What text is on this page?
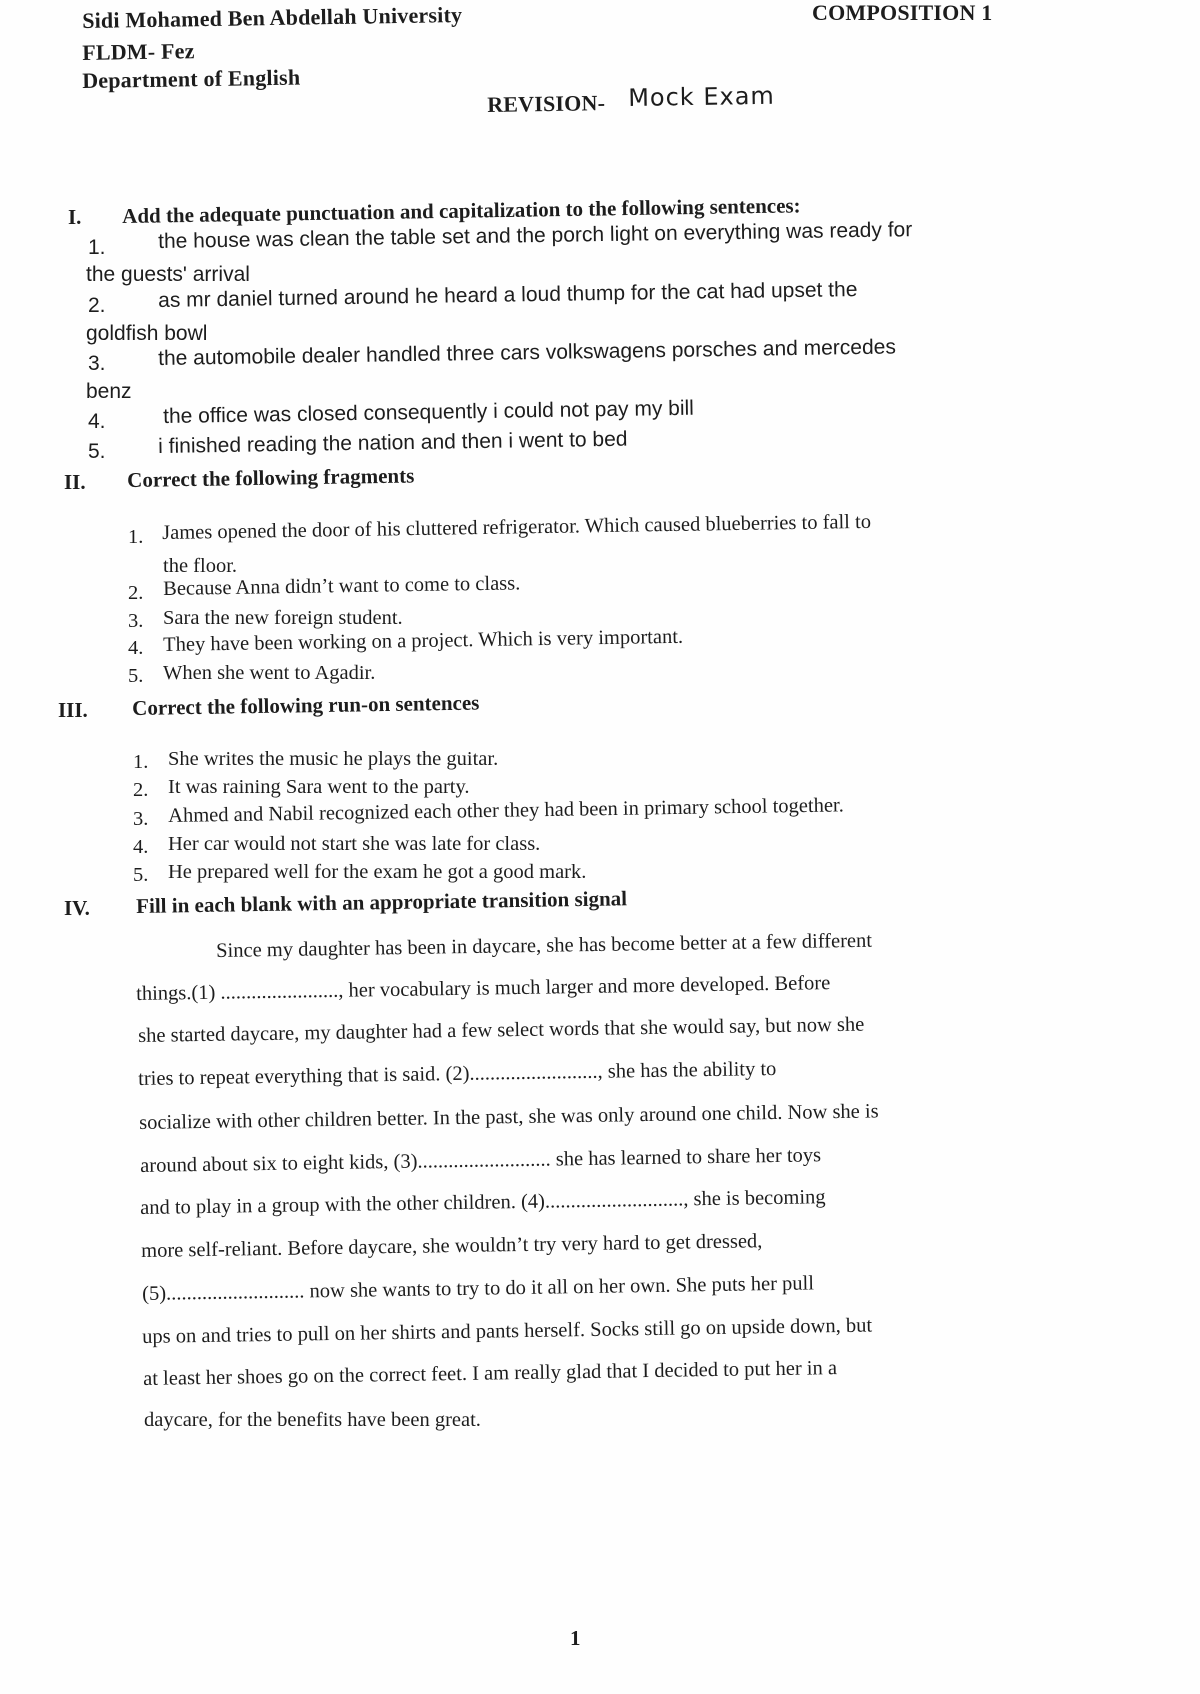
Sidi Mohamed Ben Abdellah University
FLDM- Fez
Department of English
COMPOSITION 1
REVISION- Mock Exam
I. Add the adequate punctuation and capitalization to the following sentences:
1. the house was clean the table set and the porch light on everything was ready for
the guests' arrival
2. as mr daniel turned around he heard a loud thump for the cat had upset the
goldfish bowl
3. the automobile dealer handled three cars volkswagens porsches and mercedes
benz
4.	the office was closed consequently i could not pay my bill
5. i finished reading the nation and then i went to bed
II. Correct the following fragments
1. James opened the door of his cluttered refrigerator. Which caused blueberries to fall to
the floor.
2. Because Anna didn’t want to come to class.
3. Sara the new foreign student.
4. They have been working on a project. Which is very important.
5. When she went to Agadir.
III. Correct the following run-on sentences
1. She writes the music he plays the guitar.
2. It was raining Sara went to the party.
3. Ahmed and Nabil recognized each other they had been in primary school together.
4. Her car would not start she was late for class.
5. He prepared well for the exam he got a good mark.
IV. Fill in each blank with an appropriate transition signal
Since my daughter has been in daycare, she has become better at a few different
things.(1) ......................., her vocabulary is much larger and more developed. Before
she started daycare, my daughter had a few select words that she would say, but now she
tries to repeat everything that is said. (2)........................., she has the ability to
socialize with other children better. In the past, she was only around one child. Now she is
around about six to eight kids, (3).......................... she has learned to share her toys
and to play in a group with the other children. (4)..........................., she is becoming
more self-reliant. Before daycare, she wouldn’t try very hard to get dressed,
(5)........................... now she wants to try to do it all on her own. She puts her pull
ups on and tries to pull on her shirts and pants herself. Socks still go on upside down, but
at least her shoes go on the correct feet. I am really glad that I decided to put her in a
daycare, for the benefits have been great.
1
